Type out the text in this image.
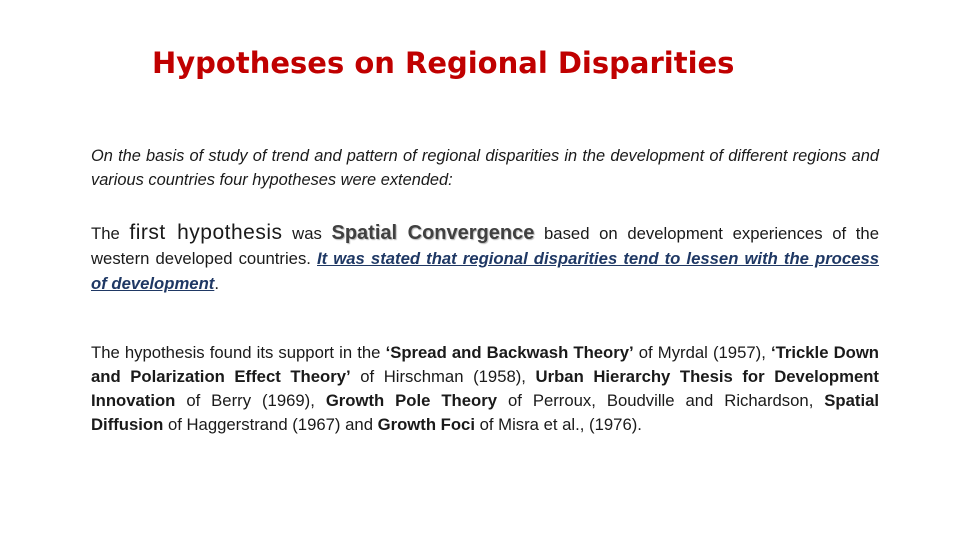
Hypotheses on Regional Disparities

On the basis of study of trend and pattern of regional disparities in the development of different regions and various countries four hypotheses were extended:

The first hypothesis was Spatial Convergence based on development experiences of the western developed countries. It was stated that regional disparities tend to lessen with the process of development.

The hypothesis found its support in the ‘Spread and Backwash Theory’ of Myrdal (1957), ‘Trickle Down and Polarization Effect Theory’ of Hirschman (1958), Urban Hierarchy Thesis for Development Innovation of Berry (1969), Growth Pole Theory of Perroux, Boudville and Richardson, Spatial Diffusion of Haggerstrand (1967) and Growth Foci of Misra et al., (1976).
